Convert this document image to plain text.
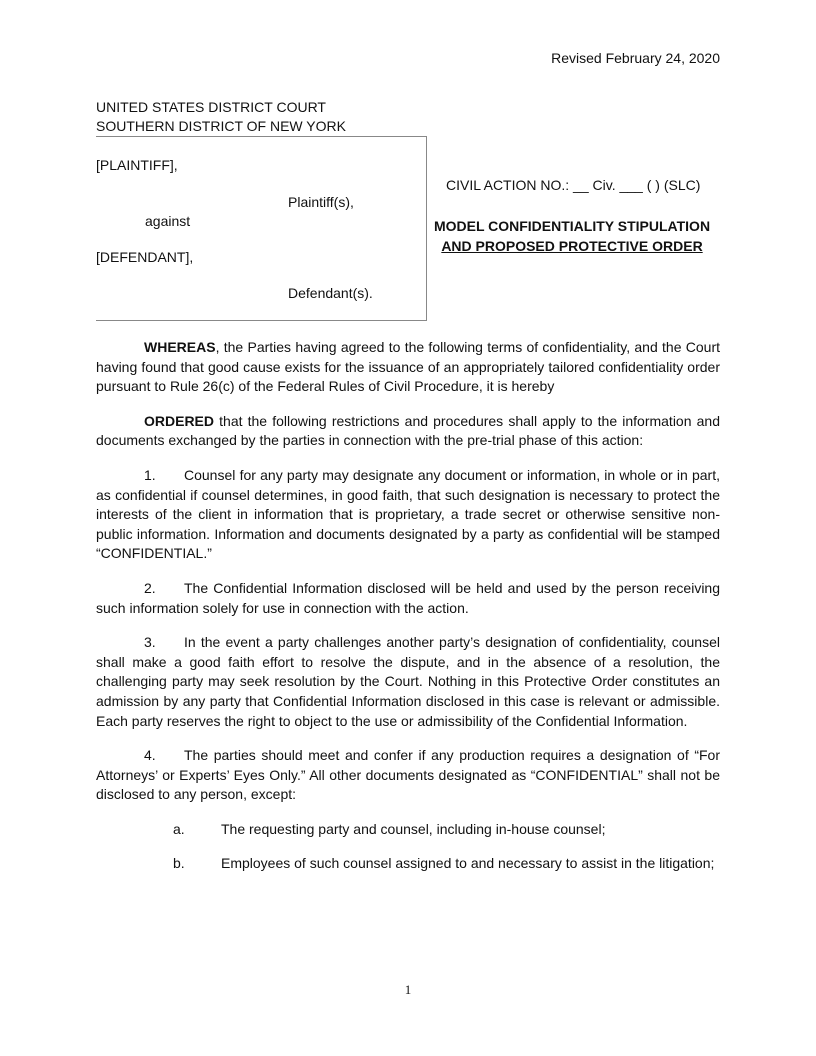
Revised February 24, 2020
UNITED STATES DISTRICT COURT
SOUTHERN DISTRICT OF NEW YORK
[PLAINTIFF],
Plaintiff(s),
against
[DEFENDANT],
Defendant(s).
CIVIL ACTION NO.: __ Civ. ___ ( ) (SLC)
MODEL CONFIDENTIALITY STIPULATION
AND PROPOSED PROTECTIVE ORDER

WHEREAS, the Parties having agreed to the following terms of confidentiality, and the Court having found that good cause exists for the issuance of an appropriately tailored confidentiality order pursuant to Rule 26(c) of the Federal Rules of Civil Procedure, it is hereby

ORDERED that the following restrictions and procedures shall apply to the information and documents exchanged by the parties in connection with the pre-trial phase of this action:

1. Counsel for any party may designate any document or information, in whole or in part, as confidential if counsel determines, in good faith, that such designation is necessary to protect the interests of the client in information that is proprietary, a trade secret or otherwise sensitive non-public information. Information and documents designated by a party as confidential will be stamped “CONFIDENTIAL.”

2. The Confidential Information disclosed will be held and used by the person receiving such information solely for use in connection with the action.

3. In the event a party challenges another party’s designation of confidentiality, counsel shall make a good faith effort to resolve the dispute, and in the absence of a resolution, the challenging party may seek resolution by the Court. Nothing in this Protective Order constitutes an admission by any party that Confidential Information disclosed in this case is relevant or admissible. Each party reserves the right to object to the use or admissibility of the Confidential Information.

4. The parties should meet and confer if any production requires a designation of “For Attorneys’ or Experts’ Eyes Only.” All other documents designated as “CONFIDENTIAL” shall not be disclosed to any person, except:

a.	The requesting party and counsel, including in-house counsel;
b.	Employees of such counsel assigned to and necessary to assist in the litigation;
1
